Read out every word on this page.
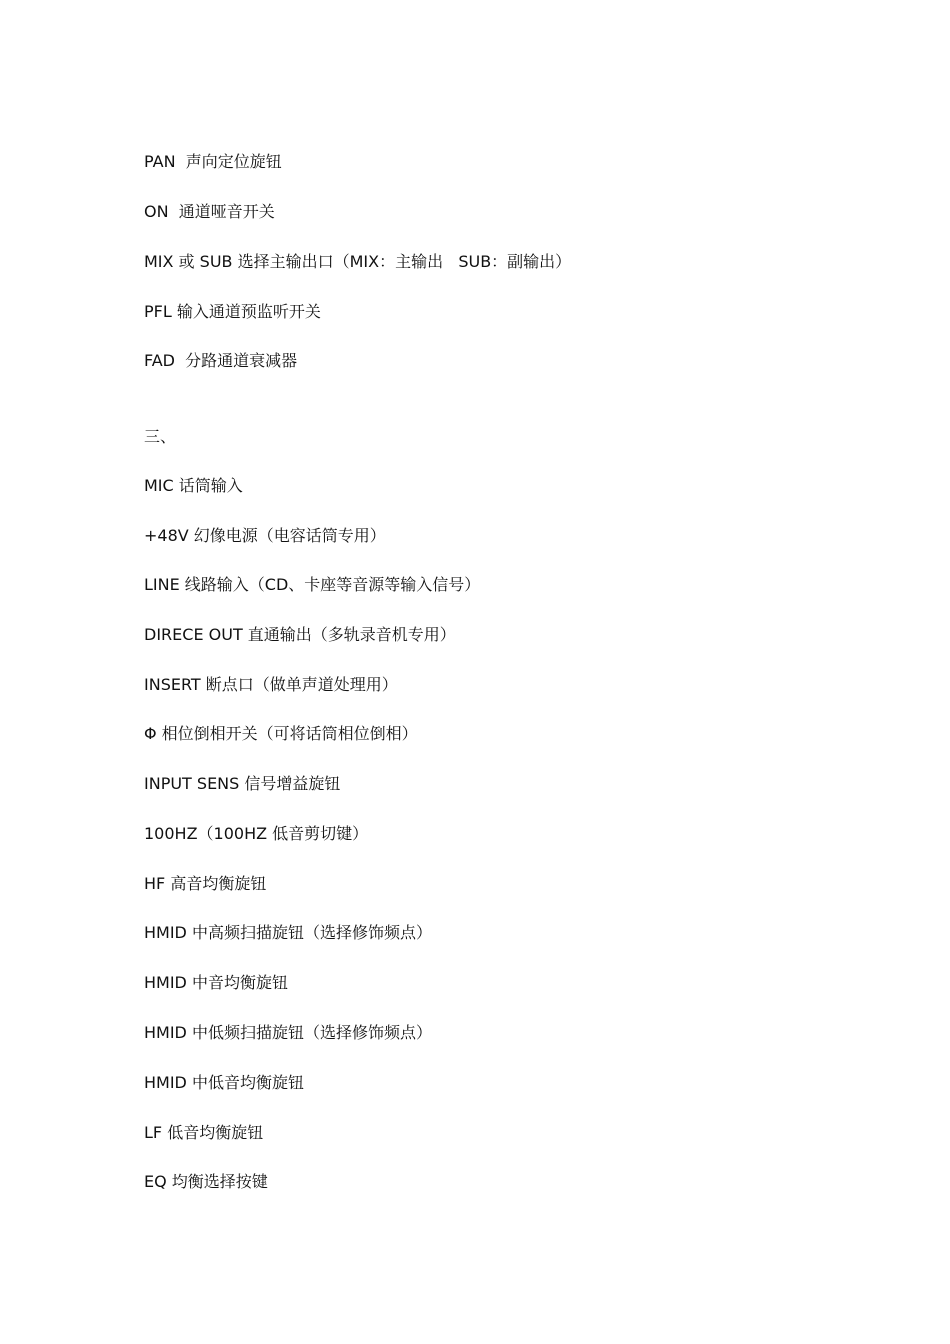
PAN  声向定位旋钮
ON  通道哑音开关
MIX 或 SUB 选择主输出口（MIX：主输出   SUB：副输出）
PFL 输入通道预监听开关
FAD  分路通道衰减器
三、
MIC 话筒输入
+48V 幻像电源（电容话筒专用）
LINE 线路输入（CD、卡座等音源等输入信号）
DIRECE OUT 直通输出（多轨录音机专用）
INSERT 断点口（做单声道处理用）
Φ 相位倒相开关（可将话筒相位倒相）
INPUT SENS 信号增益旋钮
100HZ（100HZ 低音剪切键）
HF 高音均衡旋钮
HMID 中高频扫描旋钮（选择修饰频点）
HMID 中音均衡旋钮
HMID 中低频扫描旋钮（选择修饰频点）
HMID 中低音均衡旋钮
LF 低音均衡旋钮
EQ 均衡选择按键
